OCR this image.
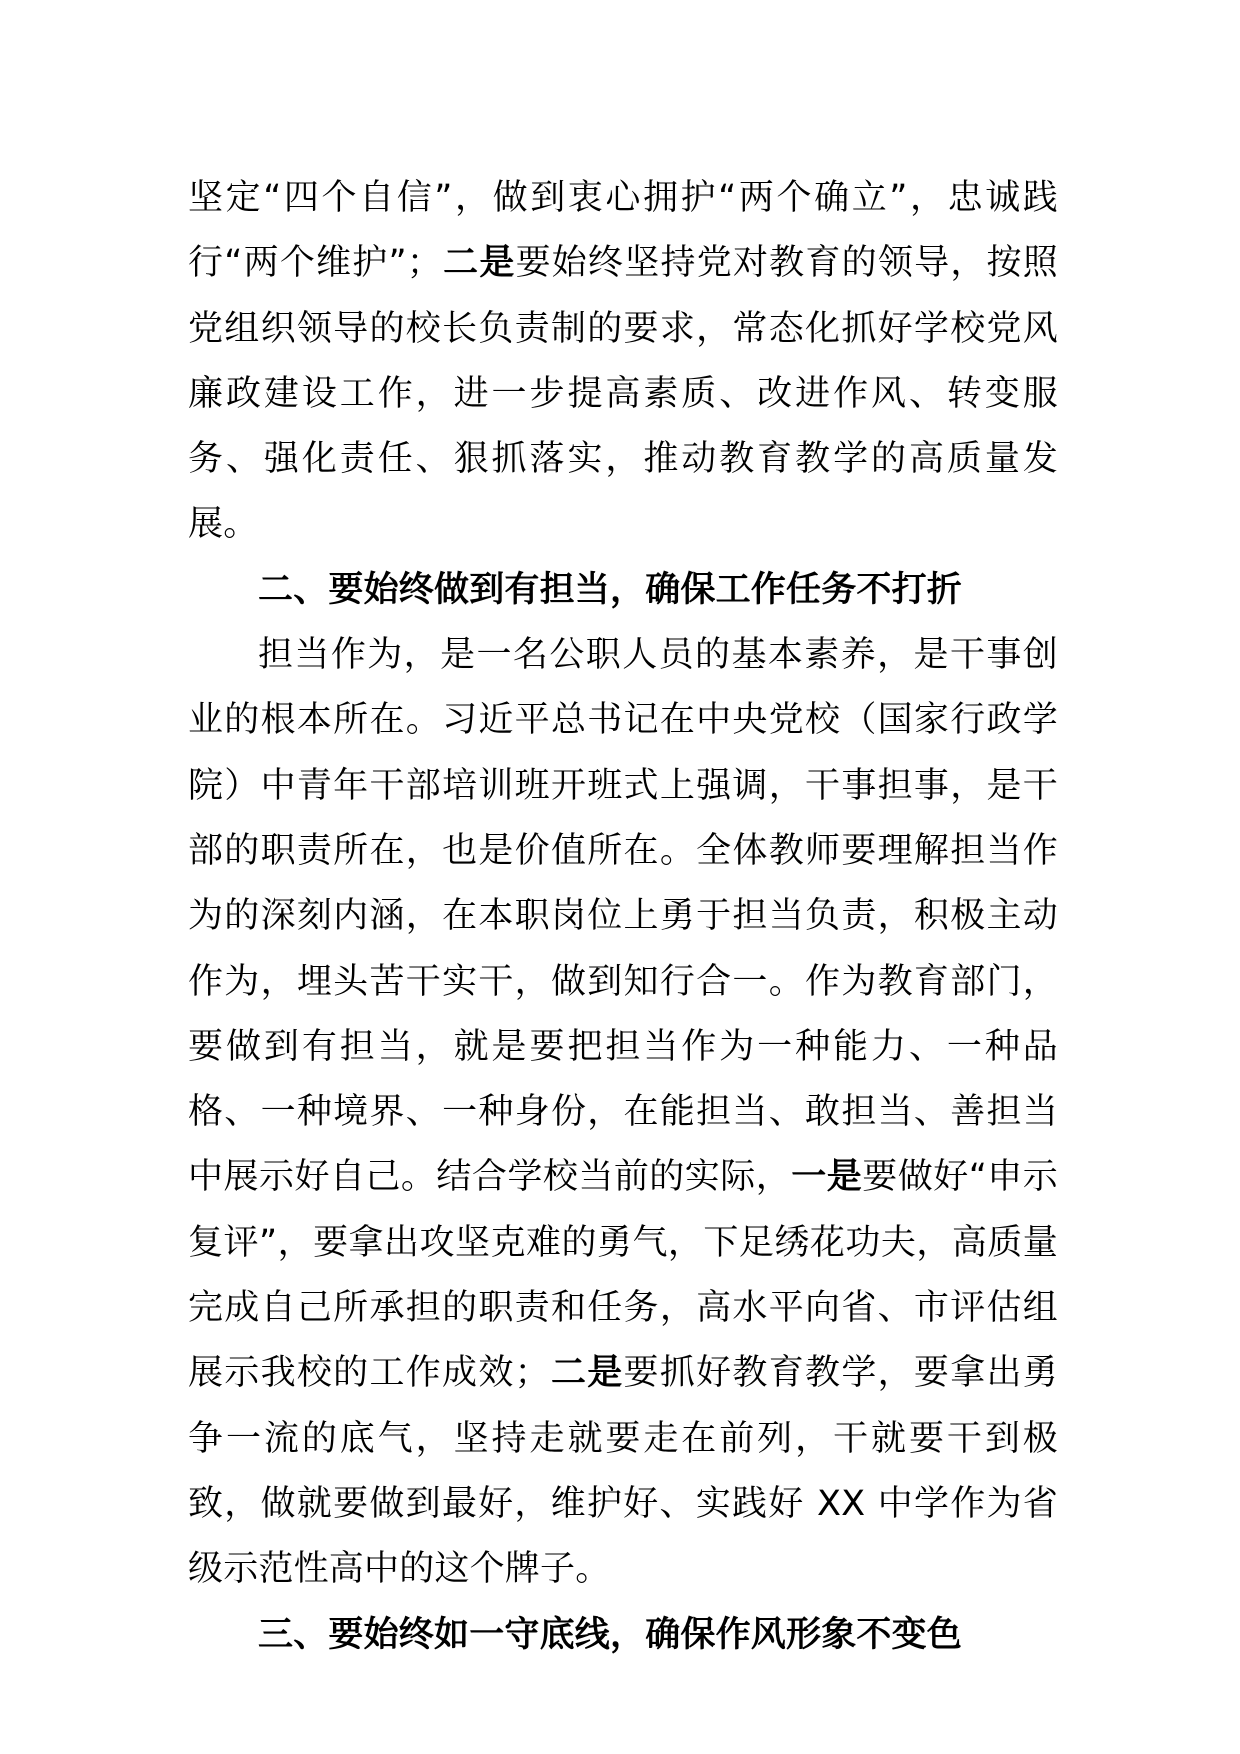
坚定“四个自信”，做到衷心拥护“两个确立”，忠诚践行“两个维护”；二是要始终坚持党对教育的领导，按照党组织领导的校长负责制的要求，常态化抓好学校党风廉政建设工作，进一步提高素质、改进作风、转变服务、强化责任、狠抓落实，推动教育教学的高质量发展。

二、要始终做到有担当，确保工作任务不打折

担当作为，是一名公职人员的基本素养，是干事创业的根本所在。习近平总书记在中央党校（国家行政学院）中青年干部培训班开班式上强调，干事担事，是干部的职责所在，也是价值所在。全体教师要理解担当作为的深刻内涵，在本职岗位上勇于担当负责，积极主动作为，埋头苦干实干，做到知行合一。作为教育部门，要做到有担当，就是要把担当作为一种能力、一种品格、一种境界、一种身份，在能担当、敢担当、善担当中展示好自己。结合学校当前的实际，一是要做好“申示复评”，要拿出攻坚克难的勇气，下足绣花功夫，高质量完成自己所承担的职责和任务，高水平向省、市评估组展示我校的工作成效；二是要抓好教育教学，要拿出勇争一流的底气，坚持走就要走在前列，干就要干到极致，做就要做到最好，维护好、实践好 XX 中学作为省级示范性高中的这个牌子。

三、要始终如一守底线，确保作风形象不变色
